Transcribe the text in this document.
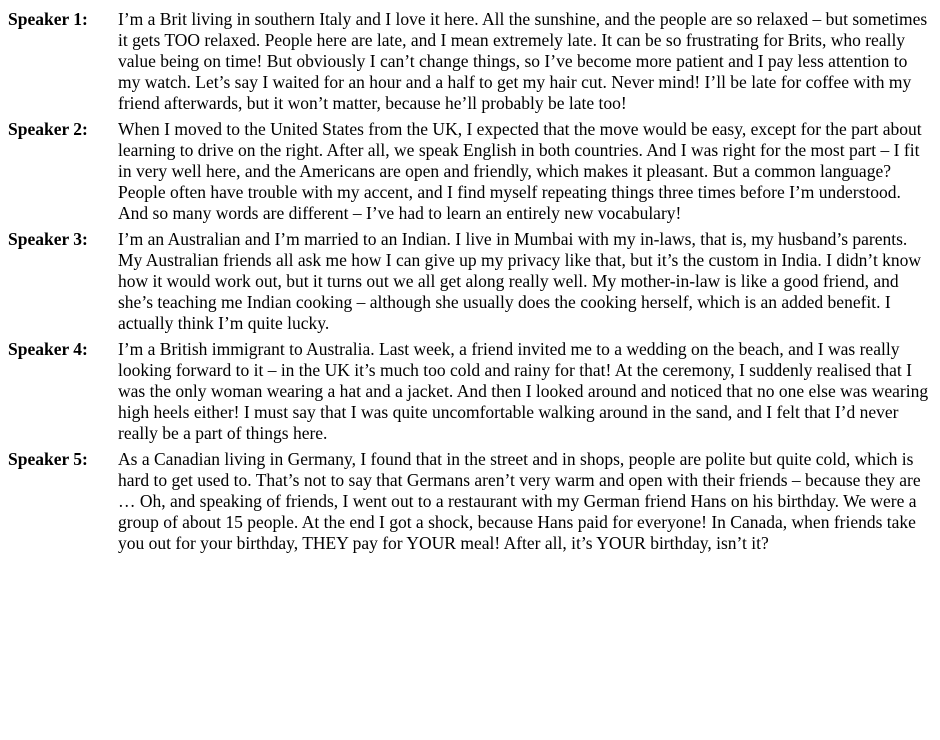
Speaker 1:	I’m a Brit living in southern Italy and I love it here. All the sunshine, and the people are so relaxed – but sometimes it gets TOO relaxed. People here are late, and I mean extremely late. It can be so frustrating for Brits, who really value being on time! But obviously I can’t change things, so I’ve become more patient and I pay less attention to my watch. Let’s say I waited for an hour and a half to get my hair cut. Never mind! I’ll be late for coffee with my friend afterwards, but it won’t matter, because he’ll probably be late too!
Speaker 2:	When I moved to the United States from the UK, I expected that the move would be easy, except for the part about learning to drive on the right. After all, we speak English in both countries. And I was right for the most part – I fit in very well here, and the Americans are open and friendly, which makes it pleasant. But a common language? People often have trouble with my accent, and I find myself repeating things three times before I’m understood. And so many words are different – I’ve had to learn an entirely new vocabulary!
Speaker 3:	I’m an Australian and I’m married to an Indian. I live in Mumbai with my in-laws, that is, my husband’s parents. My Australian friends all ask me how I can give up my privacy like that, but it’s the custom in India. I didn’t know how it would work out, but it turns out we all get along really well. My mother-in-law is like a good friend, and she’s teaching me Indian cooking – although she usually does the cooking herself, which is an added benefit. I actually think I’m quite lucky.
Speaker 4:	I’m a British immigrant to Australia. Last week, a friend invited me to a wedding on the beach, and I was really looking forward to it – in the UK it’s much too cold and rainy for that! At the ceremony, I suddenly realised that I was the only woman wearing a hat and a jacket. And then I looked around and noticed that no one else was wearing high heels either! I must say that I was quite uncomfortable walking around in the sand, and I felt that I’d never really be a part of things here.
Speaker 5:	As a Canadian living in Germany, I found that in the street and in shops, people are polite but quite cold, which is hard to get used to. That’s not to say that Germans aren’t very warm and open with their friends – because they are … Oh, and speaking of friends, I went out to a restaurant with my German friend Hans on his birthday. We were a group of about 15 people. At the end I got a shock, because Hans paid for everyone! In Canada, when friends take you out for your birthday, THEY pay for YOUR meal! After all, it’s YOUR birthday, isn’t it?
